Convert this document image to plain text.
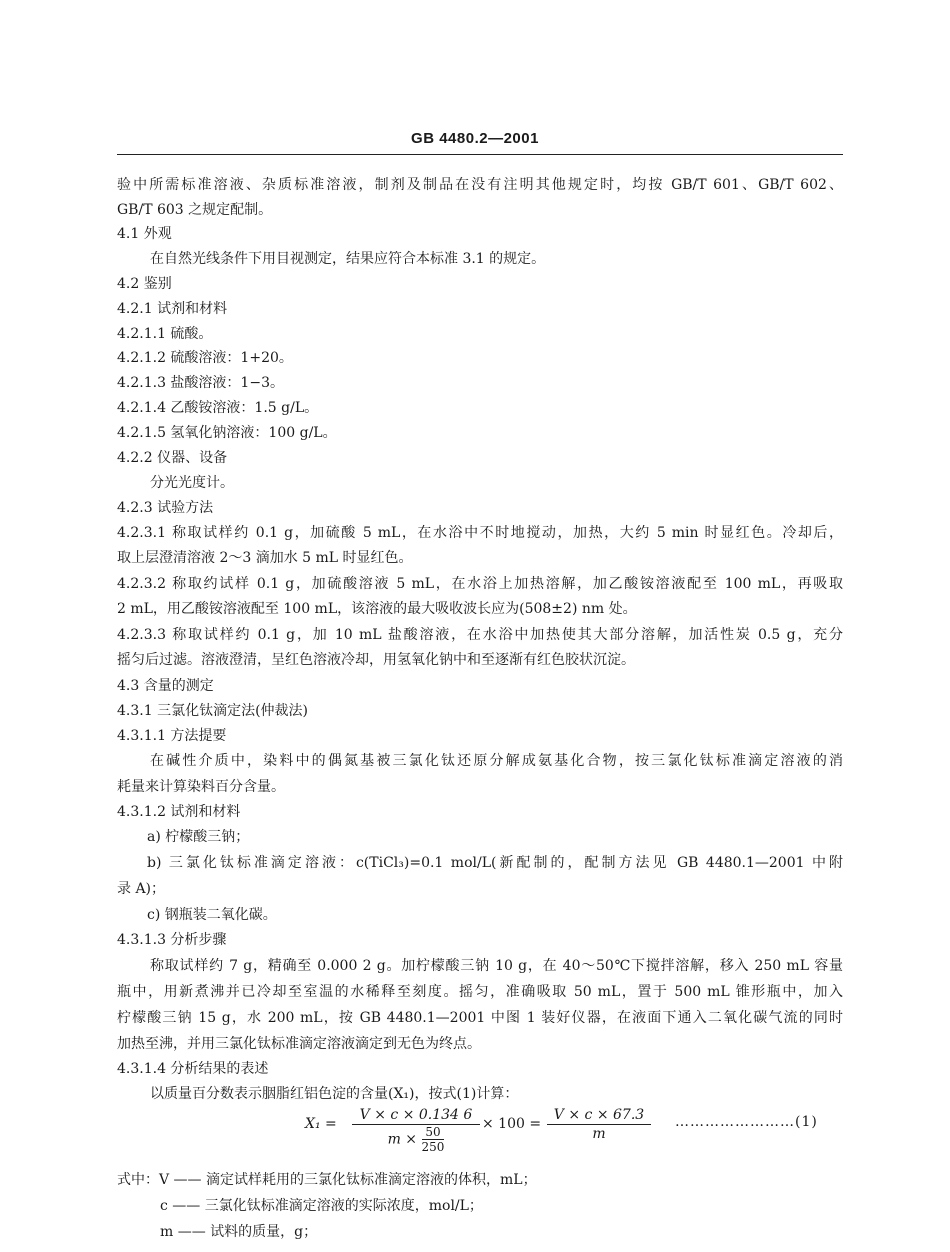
GB 4480.2—2001
验中所需标准溶液、杂质标准溶液，制剂及制品在没有注明其他规定时，均按 GB/T 601、GB/T 602、
GB/T 603 之规定配制。
4.1 外观
在自然光线条件下用目视测定，结果应符合本标准 3.1 的规定。
4.2 鉴别
4.2.1 试剂和材料
4.2.1.1 硫酸。
4.2.1.2 硫酸溶液：1+20。
4.2.1.3 盐酸溶液：1−3。
4.2.1.4 乙酸铵溶液：1.5 g/L。
4.2.1.5 氢氧化钠溶液：100 g/L。
4.2.2 仪器、设备
分光光度计。
4.2.3 试验方法
4.2.3.1 称取试样约 0.1 g，加硫酸 5 mL，在水浴中不时地搅动，加热，大约 5 min 时显红色。冷却后，
取上层澄清溶液 2～3 滴加水 5 mL 时显红色。
4.2.3.2 称取约试样 0.1 g，加硫酸溶液 5 mL，在水浴上加热溶解，加乙酸铵溶液配至 100 mL，再吸取
2 mL，用乙酸铵溶液配至 100 mL，该溶液的最大吸收波长应为(508±2) nm 处。
4.2.3.3 称取试样约 0.1 g，加 10 mL 盐酸溶液，在水浴中加热使其大部分溶解，加活性炭 0.5 g，充分
摇匀后过滤。溶液澄清，呈红色溶液冷却，用氢氧化钠中和至逐渐有红色胶状沉淀。
4.3 含量的测定
4.3.1 三氯化钛滴定法(仲裁法)
4.3.1.1 方法提要
在碱性介质中，染料中的偶氮基被三氯化钛还原分解成氨基化合物，按三氯化钛标准滴定溶液的消
耗量来计算染料百分含量。
4.3.1.2 试剂和材料
a) 柠檬酸三钠；
b) 三氯化钛标准滴定溶液：c(TiCl₃)=0.1 mol/L(新配制的，配制方法见 GB 4480.1—2001 中附
录 A)；
c) 钢瓶装二氧化碳。
4.3.1.3 分析步骤
称取试样约 7 g，精确至 0.000 2 g。加柠檬酸三钠 10 g，在 40～50℃下搅拌溶解，移入 250 mL 容量
瓶中，用新煮沸并已冷却至室温的水稀释至刻度。摇匀，准确吸取 50 mL，置于 500 mL 锥形瓶中，加入
柠檬酸三钠 15 g，水 200 mL，按 GB 4480.1—2001 中图 1 装好仪器，在液面下通入二氧化碳气流的同时
加热至沸，并用三氯化钛标准滴定溶液滴定到无色为终点。
4.3.1.4 分析结果的表述
以质量百分数表示胭脂红铝色淀的含量(X₁)，按式(1)计算：
$X_1 = \frac{V \times c \times 0.134 6}{m \times \frac{50}{250}} \times 100 = \frac{V \times c \times 67.3}{m}$ ……………………(1)
式中：V —— 滴定试样耗用的三氯化钛标准滴定溶液的体积，mL；
c —— 三氯化钛标准滴定溶液的实际浓度，mol/L；
m —— 试料的质量，g；
